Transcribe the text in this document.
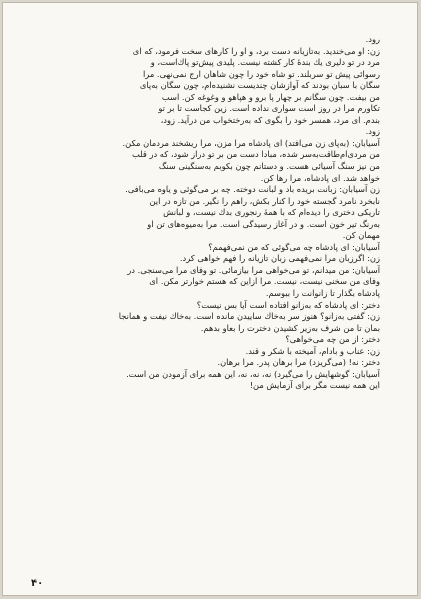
رود.
زن: او می‌خندید. به‌تازیانه دست برد، و او را کارهای سخت فرمود، که ای
مرد در تو دلیری یك بندهٔ كار كشته نیست. پلیدی پیش‌تو پاك‌است، و
رسوائی پیش تو سربلند. تو شاه خود را چون شاهان ارج نمی‌نهی. مرا
سگان با سبان بودند که آوازشان چندیست نشنیده‌ام، چون سگان به‌پای
من بیفت. چون سگانم بر چهار پا برو و هپاهو و وغوغه کن. اسب
تکاورم مرا در روز است سواری نداده است. زین کجاست تا بر تو
بندم. ای مرد، همسر خود را بگوی که به‌رختخواب من درآید. زود،
زود.
آسیابان: (به‌پای زن می‌افتد) ای پادشاه مرا مزن، مرا ریشخند مردمان مکن.
من مردی‌ام‌طاقت‌به‌سر شده، مبادا دست من بر تو دراز شود، که در قلب
من نیز سنگ آسیائی هست. و دستانم چون بکوبم به‌سنگینی سنگ
خواهد شد. ای پادشاه، مرا رها کن.
زن آسیابان: زبانت بریده باد و لبانت دوخته. چه بر می‌گوئی و یاوه می‌بافی.
نابخرد نامرد گجسته خود را کنار بکش، راهم را نگیر. من تازه در این
تاریکی دختری را دیده‌ام که با همهٔ رنجوری بدك نیست، و لبانش
به‌رنگ تیر خون است. و در آغاز رسیدگی است. مرا به‌میوه‌های تن او
مهمان کن.
آسیابان: ای پادشاه چه می‌گوئی که من نمی‌فهمم؟
زن: اگرزبان مرا نمی‌فهمی زبان تازیانه را فهم خواهی کرد.
آسیابان: من میدانم، تو می‌خواهی مرا بیازمائی. تو وفای مرا می‌سنجی. در
وفای من سخنی نیست، نیست. مرا ازاین که هستم خوارتر مکن. ای
پادشاه بگذار تا زانوانت را ببوسم.
دختر: ای پادشاه که به‌زانو افتاده است آیا بس نیست؟
زن: گفتی به‌زانو؟ هنوز سر به‌خاك ساییدن مانده است. به‌خاك نیفت و همانجا
بمان تا من شرف به‌زیر کشیدن دخترت را بعاو بدهم.
دختر: از من چه می‌خواهی؟
زن: عناب و بادام، آمیخته با شکر و قند.
دختر: نه! (می‌گریزد) مرا برهان پدر. مرا برهان.
آسیابان: گوشهایش را می‌گیرد) نه، نه، نه، این همه برای آزمودن من است.
این همه نیست مگر برای آزمایش من!
۴۰
